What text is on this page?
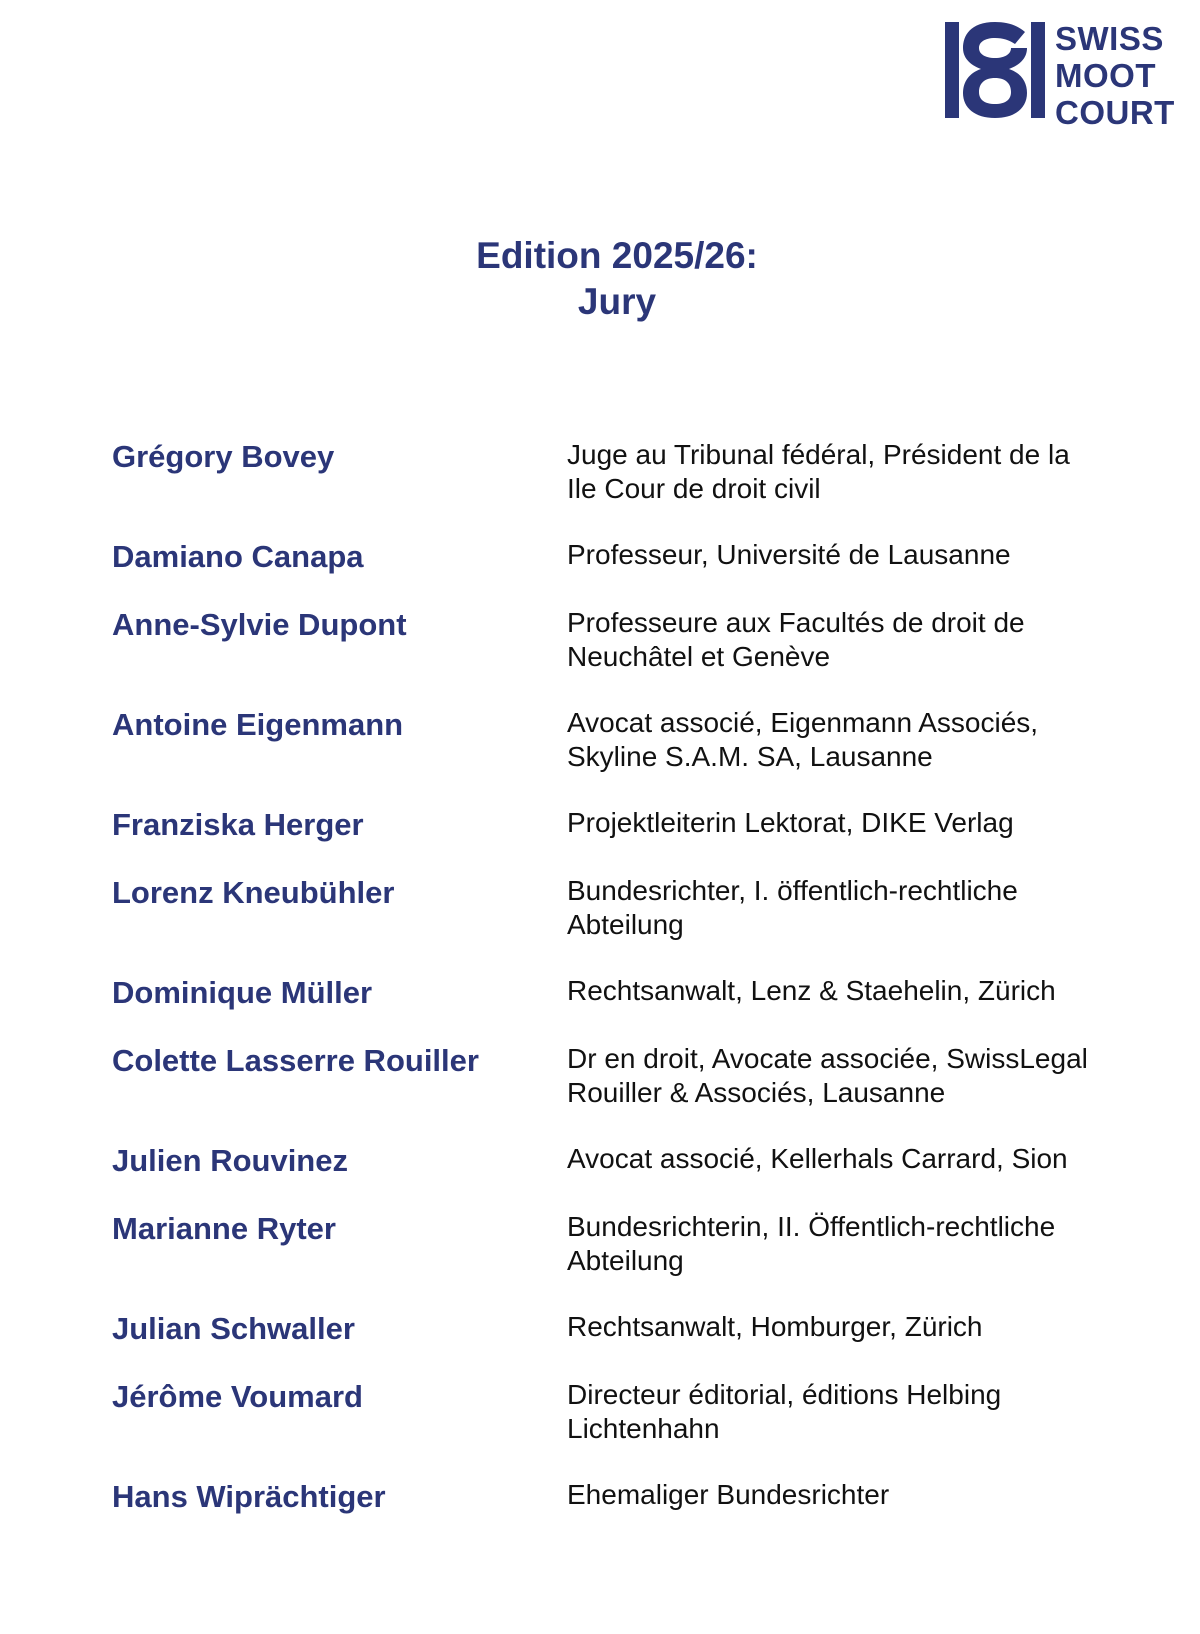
SWISS
MOOT
COURT
Edition 2025/26:
Jury
Grégory Bovey	Juge au Tribunal fédéral, Président de la
Ile Cour de droit civil
Damiano Canapa	Professeur, Université de Lausanne
Anne-Sylvie Dupont	Professeure aux Facultés de droit de
Neuchâtel et Genève
Antoine Eigenmann	Avocat associé, Eigenmann Associés,
Skyline S.A.M. SA, Lausanne
Franziska Herger	Projektleiterin Lektorat, DIKE Verlag
Lorenz Kneubühler	Bundesrichter, I. öffentlich-rechtliche
Abteilung
Dominique Müller	Rechtsanwalt, Lenz & Staehelin, Zürich
Colette Lasserre Rouiller	Dr en droit, Avocate associée, SwissLegal
Rouiller & Associés, Lausanne
Julien Rouvinez	Avocat associé, Kellerhals Carrard, Sion
Marianne Ryter	Bundesrichterin, II. Öffentlich-rechtliche
Abteilung
Julian Schwaller	Rechtsanwalt, Homburger, Zürich
Jérôme Voumard	Directeur éditorial, éditions Helbing
Lichtenhahn
Hans Wiprächtiger	Ehemaliger Bundesrichter
